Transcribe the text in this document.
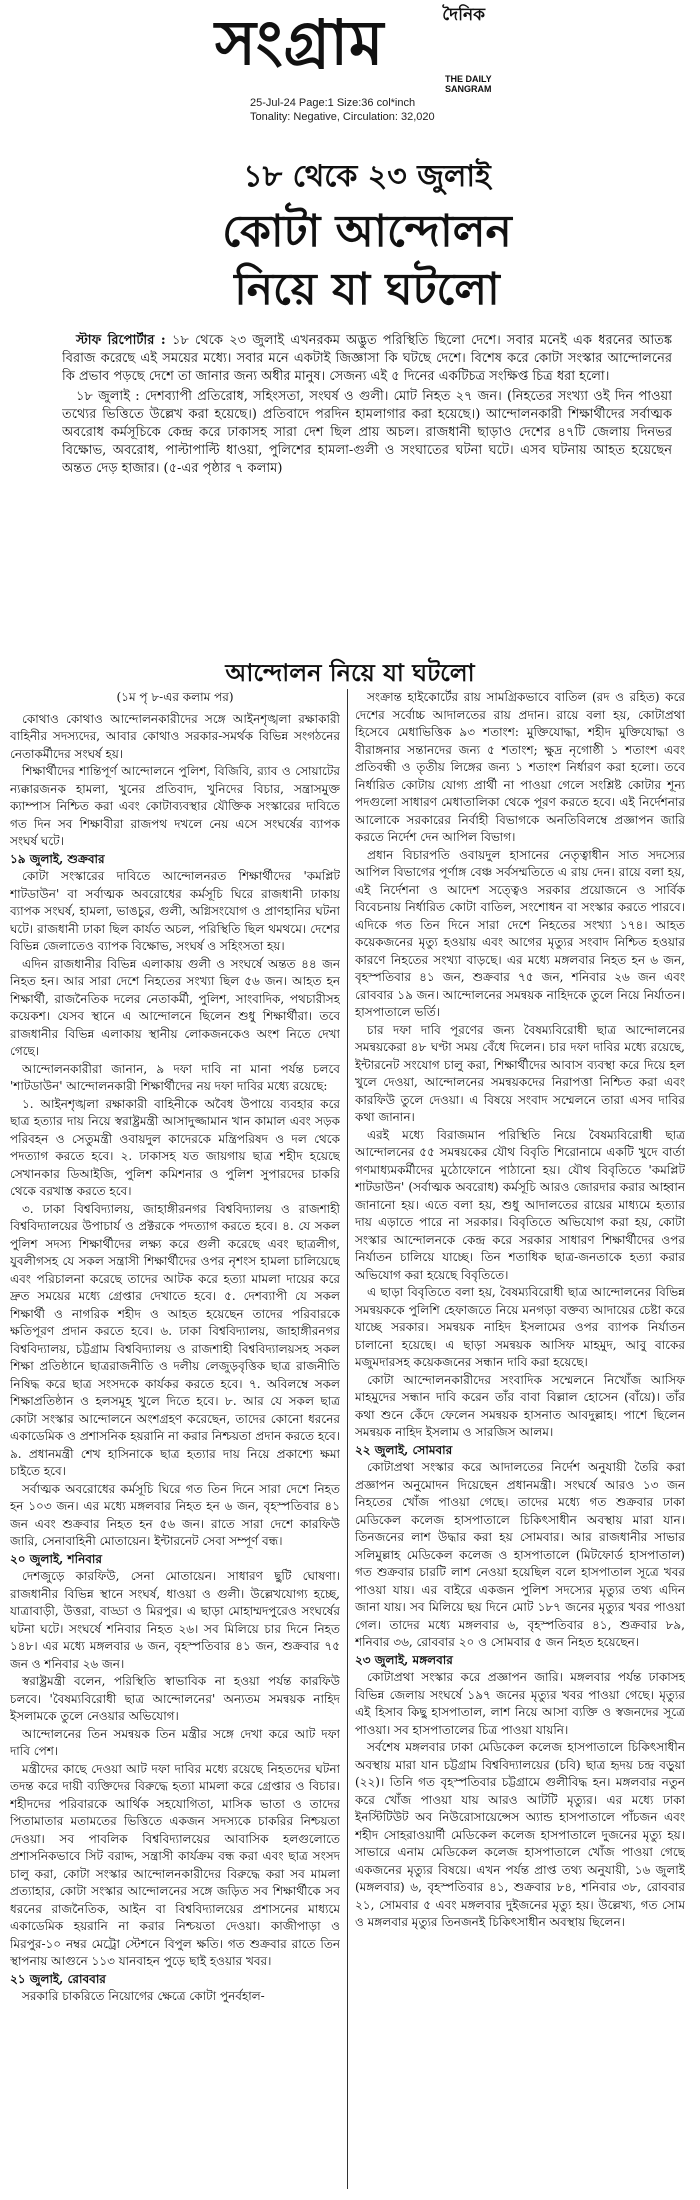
দৈনিক
সংগ্রাম	THE DAILY SANGRAM
25-Jul-24 Page:1 Size:36 col*inch
Tonality: Negative, Circulation: 32,020
১৮ থেকে ২৩ জুলাই
কোটা আন্দোলন
নিয়ে যা ঘটলো

স্টাফ রিপোর্টার : ১৮ থেকে ২৩ জুলাই এখনরকম অদ্ভুত পরিস্থিতি ছিলো দেশে। সবার মনেই এক ধরনের আতঙ্ক বিরাজ করেছে এই সময়ের মধ্যে। সবার মনে একটাই জিজ্ঞাসা কি ঘটছে দেশে। বিশেষ করে কোটা সংস্কার আন্দোলনের কি প্রভাব পড়ছে দেশে তা জানার জন্য অধীর মানুষ। সেজন্য এই ৫ দিনের একটিচত্র সংক্ষিপ্ত চিত্র ধরা হলো।

১৮ জুলাই : দেশব্যাপী প্রতিরোধ, সহিংসতা, সংঘর্ষ ও গুলী। মোট নিহত ২৭ জন। (নিহতের সংখ্যা ওই দিন পাওয়া তথ্যের ভিত্তিতে উল্লেখ করা হয়েছে।) প্রতিবাদে পরদিন হামলাগার করা হয়েছে।) আন্দোলনকারী শিক্ষার্থীদের সর্বাত্মক অবরোধ কর্মসূচিকে কেন্দ্র করে ঢাকাসহ সারা দেশ ছিল প্রায় অচল। রাজধানী ছাড়াও দেশের ৪৭টি জেলায় দিনভর বিক্ষোভ, অবরোধ, পাল্টাপাল্টি ধাওয়া, পুলিশের হামলা-গুলী ও সংঘাতের ঘটনা ঘটে। এসব ঘটনায় আহত হয়েছেন অন্তত দেড় হাজার। (৫-এর পৃষ্ঠার ৭ কলাম)

আন্দোলন নিয়ে যা ঘটলো

(১ম পৃ ৮-এর কলাম পর)

কোথাও কোথাও আন্দোলনকারীদের সঙ্গে আইনশৃঙ্খলা রক্ষাকারী বাহিনীর সদস্যদের, আবার কোথাও সরকার-সমর্থক বিভিন্ন সংগঠনের নেতাকর্মীদের সংঘর্ষ হয়।

শিক্ষার্থীদের শান্তিপূর্ণ আন্দোলনে পুলিশ, বিজিবি, র‍্যাব ও সোয়াটের ন্যক্কারজনক হামলা, খুনের প্রতিবাদ, খুনিদের বিচার, সন্ত্রাসমুক্ত ক্যাম্পাস নিশ্চিত করা এবং কোটাব্যবস্থার যৌক্তিক সংস্কারের দাবিতে গত দিন সব শিক্ষাবীরা রাজপথ দখলে নেয় এসে সংঘর্ষের ব্যাপক সংঘর্ষ ঘটে।

১৯ জুলাই, শুক্রবার

কোটা সংস্কারের দাবিতে আন্দোলনরত শিক্ষার্থীদের 'কমপ্লিট শাটডাউন' বা সর্বাত্মক অবরোধের কর্মসূচি ঘিরে রাজধানী ঢাকায় ব্যাপক সংঘর্ষ, হামলা, ভাঙচুর, গুলী, অগ্নিসংযোগ ও প্রাণহানির ঘটনা ঘটে। রাজধানী ঢাকা ছিল কার্যত অচল, পরিস্থিতি ছিল থমথমে। দেশের বিভিন্ন জেলাতেও ব্যাপক বিক্ষোভ, সংঘর্ষ ও সহিংসতা হয়।

এদিন রাজধানীর বিভিন্ন এলাকায় গুলী ও সংঘর্ষে অন্তত ৪৪ জন নিহত হন। আর সারা দেশে নিহতের সংখ্যা ছিল ৫৬ জন। আহত হন শিক্ষার্থী, রাজনৈতিক দলের নেতাকর্মী, পুলিশ, সাংবাদিক, পথচারীসহ কয়েকশ। যেসব স্থানে এ আন্দোলনে ছিলেন শুধু শিক্ষার্থীরা। তবে রাজধানীর বিভিন্ন এলাকায় স্থানীয় লোকজনকেও অংশ নিতে দেখা গেছে।

আন্দোলনকারীরা জানান, ৯ দফা দাবি না মানা পর্যন্ত চলবে 'শাটডাউন' আন্দোলনকারী শিক্ষার্থীদের নয় দফা দাবির মধ্যে রয়েছে:

১. আইনশৃঙ্খলা রক্ষাকারী বাহিনীকে অবৈধ উপায়ে ব্যবহার করে ছাত্র হত্যার দায় নিয়ে স্বরাষ্ট্রমন্ত্রী আসাদুজ্জামান খান কামাল এবং সড়ক পরিবহন ও সেতুমন্ত্রী ওবায়দুল কাদেরকে মন্ত্রিপরিষদ ও দল থেকে পদত্যাগ করতে হবে। ২. ঢাকাসহ যত জায়গায় ছাত্র শহীদ হয়েছে সেখানকার ডিআইজি, পুলিশ কমিশনার ও পুলিশ সুপারদের চাকরি থেকে বরখাস্ত করতে হবে।

৩. ঢাকা বিশ্ববিদ্যালয়, জাহাঙ্গীরনগর বিশ্ববিদ্যালয় ও রাজশাহী বিশ্ববিদ্যালয়ের উপাচার্য ও প্রক্টরকে পদত্যাগ করতে হবে। ৪. যে সকল পুলিশ সদস্য শিক্ষার্থীদের লক্ষ্য করে গুলী করেছে এবং ছাত্রলীগ, যুবলীগসহ যে সকল সন্ত্রাসী শিক্ষার্থীদের ওপর নৃশংস হামলা চালিয়েছে এবং পরিচালনা করেছে তাদের আটক করে হত্যা মামলা দায়ের করে দ্রুত সময়ের মধ্যে গ্রেপ্তার দেখাতে হবে। ৫. দেশব্যাপী যে সকল শিক্ষার্থী ও নাগরিক শহীদ ও আহত হয়েছেন তাদের পরিবারকে ক্ষতিপূরণ প্রদান করতে হবে। ৬. ঢাকা বিশ্ববিদ্যালয়, জাহাঙ্গীরনগর বিশ্ববিদ্যালয়, চট্টগ্রাম বিশ্ববিদ্যালয় ও রাজশাহী বিশ্ববিদ্যালয়সহ সকল শিক্ষা প্রতিষ্ঠানে ছাত্ররাজনীতি ও দলীয় লেজুড়বৃত্তিক ছাত্র রাজনীতি নিষিদ্ধ করে ছাত্র সংসদকে কার্যকর করতে হবে। ৭. অবিলম্বে সকল শিক্ষাপ্রতিষ্ঠান ও হলসমূহ খুলে দিতে হবে। ৮. আর যে সকল ছাত্র কোটা সংস্কার আন্দোলনে অংশগ্রহণ করেছেন, তাদের কোনো ধরনের একাডেমিক ও প্রশাসনিক হয়রানি না করার নিশ্চয়তা প্রদান করতে হবে। ৯. প্রধানমন্ত্রী শেখ হাসিনাকে ছাত্র হত্যার দায় নিয়ে প্রকাশ্যে ক্ষমা চাইতে হবে।

সর্বাত্মক অবরোধের কর্মসূচি ঘিরে গত তিন দিনে সারা দেশে নিহত হন ১০৩ জন। এর মধ্যে মঙ্গলবার নিহত হন ৬ জন, বৃহস্পতিবার ৪১ জন এবং শুক্রবার নিহত হন ৫৬ জন। রাতে সারা দেশে কারফিউ জারি, সেনাবাহিনী মোতায়েন। ইন্টারনেট সেবা সম্পূর্ণ বন্ধ।

২০ জুলাই, শনিবার

দেশজুড়ে কারফিউ, সেনা মোতায়েন। সাধারণ ছুটি ঘোষণা। রাজধানীর বিভিন্ন স্থানে সংঘর্ষ, ধাওয়া ও গুলী। উল্লেখযোগ্য হচ্ছে, যাত্রাবাড়ী, উত্তরা, বাড্ডা ও মিরপুর। এ ছাড়া মোহাম্মদপুরেও সংঘর্ষের ঘটনা ঘটে। সংঘর্ষে শনিবার নিহত ২৬। সব মিলিয়ে চার দিনে নিহত ১৪৮। এর মধ্যে মঙ্গলবার ৬ জন, বৃহস্পতিবার ৪১ জন, শুক্রবার ৭৫ জন ও শনিবার ২৬ জন।

স্বরাষ্ট্রমন্ত্রী বলেন, পরিস্থিতি স্বাভাবিক না হওয়া পর্যন্ত কারফিউ চলবে। 'বৈষম্যবিরোধী ছাত্র আন্দোলনের' অন্যতম সমন্বয়ক নাহিদ ইসলামকে তুলে নেওয়ার অভিযোগ।

আন্দোলনের তিন সমন্বয়ক তিন মন্ত্রীর সঙ্গে দেখা করে আট দফা দাবি পেশ।

মন্ত্রীদের কাছে দেওয়া আট দফা দাবির মধ্যে রয়েছে নিহতদের ঘটনা তদন্ত করে দায়ী ব্যক্তিদের বিরুদ্ধে হত্যা মামলা করে গ্রেপ্তার ও বিচার। শহীদদের পরিবারকে আর্থিক সহযোগিতা, মাসিক ভাতা ও তাদের পিতামাতার মতামতের ভিত্তিতে একজন সদস্যকে চাকরির নিশ্চয়তা দেওয়া। সব পাবলিক বিশ্ববিদ্যালয়ের আবাসিক হলগুলোতে প্রশাসনিকভাবে সিট বরাদ্দ, সন্ত্রাসী কার্যক্রম বন্ধ করা এবং ছাত্র সংসদ চালু করা, কোটা সংস্কার আন্দোলনকারীদের বিরুদ্ধে করা সব মামলা প্রত্যাহার, কোটা সংস্কার আন্দোলনের সঙ্গে জড়িত সব শিক্ষার্থীকে সব ধরনের রাজনৈতিক, আইন বা বিশ্ববিদ্যালয়ের প্রশাসনের মাধ্যমে একাডেমিক হয়রানি না করার নিশ্চয়তা দেওয়া। কাজীপাড়া ও মিরপুর-১০ নম্বর মেট্রো স্টেশনে বিপুল ক্ষতি। গত শুক্রবার রাতে তিন স্থাপনায় আগুনে ১১৩ যানবাহন পুড়ে ছাই হওয়ার খবর।

২১ জুলাই, রোববার

সরকারি চাকরিতে নিয়োগের ক্ষেত্রে কোটা পুনর্বহাল-

সংক্রান্ত হাইকোর্টের রায় সামগ্রিকভাবে বাতিল (রদ ও রহিত) করে দেশের সর্বোচ্চ আদালতের রায় প্রদান। রায়ে বলা হয়, কোটাপ্রথা হিসেবে মেধাভিত্তিক ৯৩ শতাংশ: মুক্তিযোদ্ধা, শহীদ মুক্তিযোদ্ধা ও বীরাঙ্গনার সন্তানদের জন্য ৫ শতাংশ; ক্ষুদ্র নৃগোষ্ঠী ১ শতাংশ এবং প্রতিবন্ধী ও তৃতীয় লিঙ্গের জন্য ১ শতাংশ নির্ধারণ করা হলো। তবে নির্ধারিত কোটায় যোগ্য প্রার্থী না পাওয়া গেলে সংশ্লিষ্ট কোটার শূন্য পদগুলো সাধারণ মেধাতালিকা থেকে পূরণ করতে হবে। এই নির্দেশনার আলোকে সরকারের নির্বাহী বিভাগকে অনতিবিলম্বে প্রজ্ঞাপন জারি করতে নির্দেশ দেন আপিল বিভাগ।

প্রধান বিচারপতি ওবায়দুল হাসানের নেতৃত্বাধীন সাত সদস্যের আপিল বিভাগের পূর্ণাঙ্গ বেঞ্চ সর্বসম্মতিতে এ রায় দেন। রায়ে বলা হয়, এই নির্দেশনা ও আদেশ সত্ত্বেও সরকার প্রয়োজনে ও সার্বিক বিবেচনায় নির্ধারিত কোটা বাতিল, সংশোধন বা সংস্কার করতে পারবে। এদিকে গত তিন দিনে সারা দেশে নিহতের সংখ্যা ১৭৪। আহত কয়েকজনের মৃত্যু হওয়ায় এবং আগের মৃত্যুর সংবাদ নিশ্চিত হওয়ার কারণে নিহতের সংখ্যা বাড়ছে। এর মধ্যে মঙ্গলবার নিহত হন ৬ জন, বৃহস্পতিবার ৪১ জন, শুক্রবার ৭৫ জন, শনিবার ২৬ জন এবং রোববার ১৯ জন। আন্দোলনের সমন্বয়ক নাহিদকে তুলে নিয়ে নির্যাতন। হাসপাতালে ভর্তি।

চার দফা দাবি পূরণের জন্য বৈষম্যবিরোধী ছাত্র আন্দোলনের সমন্বয়কেরা ৪৮ ঘণ্টা সময় বেঁধে দিলেন। চার দফা দাবির মধ্যে রয়েছে, ইন্টারনেট সংযোগ চালু করা, শিক্ষার্থীদের আবাস ব্যবস্থা করে দিয়ে হল খুলে দেওয়া, আন্দোলনের সমন্বয়কদের নিরাপত্তা নিশ্চিত করা এবং কারফিউ তুলে দেওয়া। এ বিষয়ে সংবাদ সম্মেলনে তারা এসব দাবির কথা জানান।

এরই মধ্যে বিরাজমান পরিস্থিতি নিয়ে বৈষম্যবিরোধী ছাত্র আন্দোলনের ৫৫ সমন্বয়কের যৌথ বিবৃতি শিরোনামে একটি খুদে বার্তা গণমাধ্যমকর্মীদের মুঠোফোনে পাঠানো হয়। যৌথ বিবৃতিতে 'কমপ্লিট শাটডাউন' (সর্বাত্মক অবরোধ) কর্মসূচি আরও জোরদার করার আহ্বান জানানো হয়। এতে বলা হয়, শুধু আদালতের রায়ের মাধ্যমে হত্যার দায় এড়াতে পারে না সরকার। বিবৃতিতে অভিযোগ করা হয়, কোটা সংস্কার আন্দোলনকে কেন্দ্র করে সরকার সাধারণ শিক্ষার্থীদের ওপর নির্যাতন চালিয়ে যাচ্ছে। তিন শতাধিক ছাত্র-জনতাকে হত্যা করার অভিযোগ করা হয়েছে বিবৃতিতে।

এ ছাড়া বিবৃতিতে বলা হয়, বৈষম্যবিরোধী ছাত্র আন্দোলনের বিভিন্ন সমন্বয়ককে পুলিশি হেফাজতে নিয়ে মনগড়া বক্তব্য আদায়ের চেষ্টা করে যাচ্ছে সরকার। সমন্বয়ক নাহিদ ইসলামের ওপর ব্যাপক নির্যাতন চালানো হয়েছে। এ ছাড়া সমন্বয়ক আসিফ মাহমুদ, আবু বাকের মজুমদারসহ কয়েকজনের সন্ধান দাবি করা হয়েছে।

কোটা আন্দোলনকারীদের সংবাদিক সম্মেলনে নিখোঁজ আসিফ মাহমুদের সন্ধান দাবি করেন তাঁর বাবা বিল্লাল হোসেন (বাঁয়ে)। তাঁর কথা শুনে কেঁদে ফেলেন সমন্বয়ক হাসনাত আবদুল্লাহ। পাশে ছিলেন সমন্বয়ক নাহিদ ইসলাম ও সারজিস আলম।

২২ জুলাই, সোমবার

কোটাপ্রথা সংস্কার করে আদালতের নির্দেশ অনুযায়ী তৈরি করা প্রজ্ঞাপন অনুমোদন দিয়েছেন প্রধানমন্ত্রী। সংঘর্ষে আরও ১৩ জন নিহতের খোঁজ পাওয়া গেছে। তাদের মধ্যে গত শুক্রবার ঢাকা মেডিকেল কলেজ হাসপাতালে চিকিৎসাধীন অবস্থায় মারা যান। তিনজনের লাশ উদ্ধার করা হয় সোমবার। আর রাজধানীর সাভার সলিমুল্লাহ মেডিকেল কলেজ ও হাসপাতালে (মিটফোর্ড হাসপাতাল) গত শুক্রবার চারটি লাশ নেওয়া হয়েছিল বলে হাসপাতাল সূত্রে খবর পাওয়া যায়। এর বাইরে একজন পুলিশ সদস্যের মৃত্যুর তথ্য এদিন জানা যায়। সব মিলিয়ে ছয় দিনে মোট ১৮৭ জনের মৃত্যুর খবর পাওয়া গেল। তাদের মধ্যে মঙ্গলবার ৬, বৃহস্পতিবার ৪১, শুক্রবার ৮৯, শনিবার ৩৬, রোববার ২০ ও সোমবার ৫ জন নিহত হয়েছেন।

২৩ জুলাই, মঙ্গলবার

কোটাপ্রথা সংস্কার করে প্রজ্ঞাপন জারি। মঙ্গলবার পর্যন্ত ঢাকাসহ বিভিন্ন জেলায় সংঘর্ষে ১৯৭ জনের মৃত্যুর খবর পাওয়া গেছে। মৃত্যুর এই হিসাব কিছু হাসপাতাল, লাশ নিয়ে আসা ব্যক্তি ও স্বজনদের সূত্রে পাওয়া। সব হাসপাতালের চিত্র পাওয়া যায়নি।

সর্বশেষ মঙ্গলবার ঢাকা মেডিকেল কলেজ হাসপাতালে চিকিৎসাধীন অবস্থায় মারা যান চট্টগ্রাম বিশ্ববিদ্যালয়ের (চবি) ছাত্র হৃদয় চন্দ্র বড়ুয়া (২২)। তিনি গত বৃহস্পতিবার চট্টগ্রামে গুলীবিদ্ধ হন। মঙ্গলবার নতুন করে খোঁজ পাওয়া যায় আরও আটটি মৃত্যুর। এর মধ্যে ঢাকা ইনস্টিটিউট অব নিউরোসায়েন্সেস অ্যান্ড হাসপাতালে পাঁচজন এবং শহীদ সোহরাওয়ার্দী মেডিকেল কলেজ হাসপাতালে দুজনের মৃত্যু হয়। সাভারে এনাম মেডিকেল কলেজ হাসপাতালে খোঁজ পাওয়া গেছে একজনের মৃত্যুর বিষয়ে। এখন পর্যন্ত প্রাপ্ত তথ্য অনুযায়ী, ১৬ জুলাই (মঙ্গলবার) ৬, বৃহস্পতিবার ৪১, শুক্রবার ৮৪, শনিবার ৩৮, রোববার ২১, সোমবার ৫ এবং মঙ্গলবার দুইজনের মৃত্যু হয়। উল্লেখ্য, গত সোম ও মঙ্গলবার মৃত্যুর তিনজনই চিকিৎসাধীন অবস্থায় ছিলেন।
